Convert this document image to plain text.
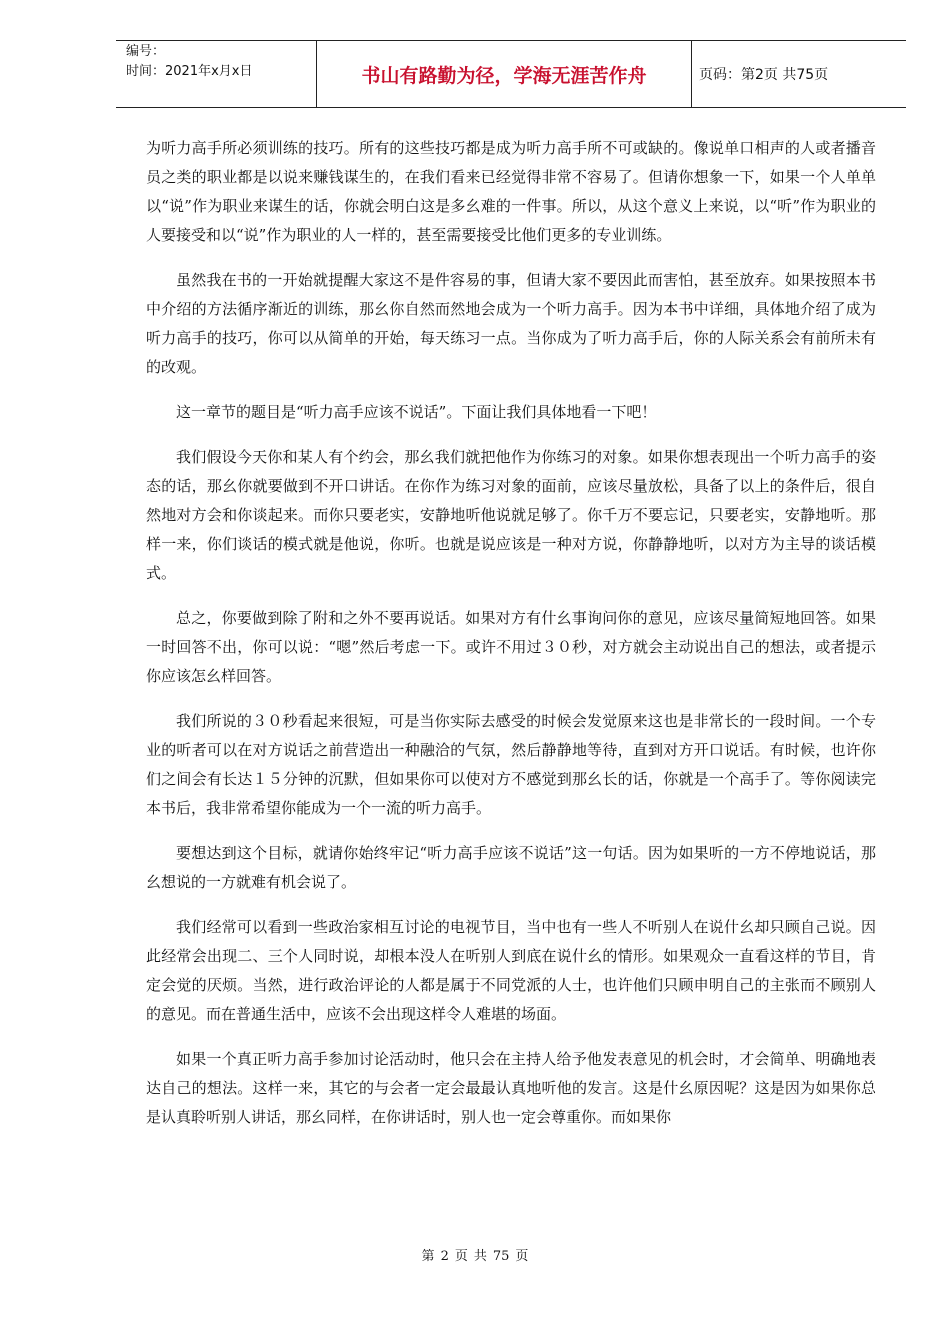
编号：
时间：2021年x月x日	书山有路勤为径，学海无涯苦作舟	页码：第2页 共75页

为听力高手所必须训练的技巧。所有的这些技巧都是成为听力高手所不可或缺的。像说单口相声的人或者播音员之类的职业都是以说来赚钱谋生的，在我们看来已经觉得非常不容易了。但请你想象一下，如果一个人单单以“说”作为职业来谋生的话，你就会明白这是多幺难的一件事。所以，从这个意义上来说，以“听”作为职业的人要接受和以“说”作为职业的人一样的，甚至需要接受比他们更多的专业训练。

虽然我在书的一开始就提醒大家这不是件容易的事，但请大家不要因此而害怕，甚至放弃。如果按照本书中介绍的方法循序渐近的训练，那幺你自然而然地会成为一个听力高手。因为本书中详细，具体地介绍了成为听力高手的技巧，你可以从简单的开始，每天练习一点。当你成为了听力高手后，你的人际关系会有前所未有的改观。

这一章节的题目是“听力高手应该不说话”。下面让我们具体地看一下吧！

我们假设今天你和某人有个约会，那幺我们就把他作为你练习的对象。如果你想表现出一个听力高手的姿态的话，那幺你就要做到不开口讲话。在你作为练习对象的面前，应该尽量放松，具备了以上的条件后，很自然地对方会和你谈起来。而你只要老实，安静地听他说就足够了。你千万不要忘记，只要老实，安静地听。那样一来，你们谈话的模式就是他说，你听。也就是说应该是一种对方说，你静静地听，以对方为主导的谈话模式。

总之，你要做到除了附和之外不要再说话。如果对方有什幺事询问你的意见，应该尽量简短地回答。如果一时回答不出，你可以说：“嗯”然后考虑一下。或许不用过３０秒，对方就会主动说出自己的想法，或者提示你应该怎幺样回答。

我们所说的３０秒看起来很短，可是当你实际去感受的时候会发觉原来这也是非常长的一段时间。一个专业的听者可以在对方说话之前营造出一种融洽的气氛，然后静静地等待，直到对方开口说话。有时候，也许你们之间会有长达１５分钟的沉默，但如果你可以使对方不感觉到那幺长的话，你就是一个高手了。等你阅读完本书后，我非常希望你能成为一个一流的听力高手。

要想达到这个目标，就请你始终牢记“听力高手应该不说话”这一句话。因为如果听的一方不停地说话，那幺想说的一方就难有机会说了。

我们经常可以看到一些政治家相互讨论的电视节目，当中也有一些人不听别人在说什幺却只顾自己说。因此经常会出现二、三个人同时说，却根本没人在听别人到底在说什幺的情形。如果观众一直看这样的节目，肯定会觉的厌烦。当然，进行政治评论的人都是属于不同党派的人士，也许他们只顾申明自己的主张而不顾别人的意见。而在普通生活中，应该不会出现这样令人难堪的场面。

如果一个真正听力高手参加讨论活动时，他只会在主持人给予他发表意见的机会时，才会简单、明确地表达自己的想法。这样一来，其它的与会者一定会最最认真地听他的发言。这是什幺原因呢？这是因为如果你总是认真聆听别人讲话，那幺同样，在你讲话时，别人也一定会尊重你。而如果你

第 2 页 共 75 页
